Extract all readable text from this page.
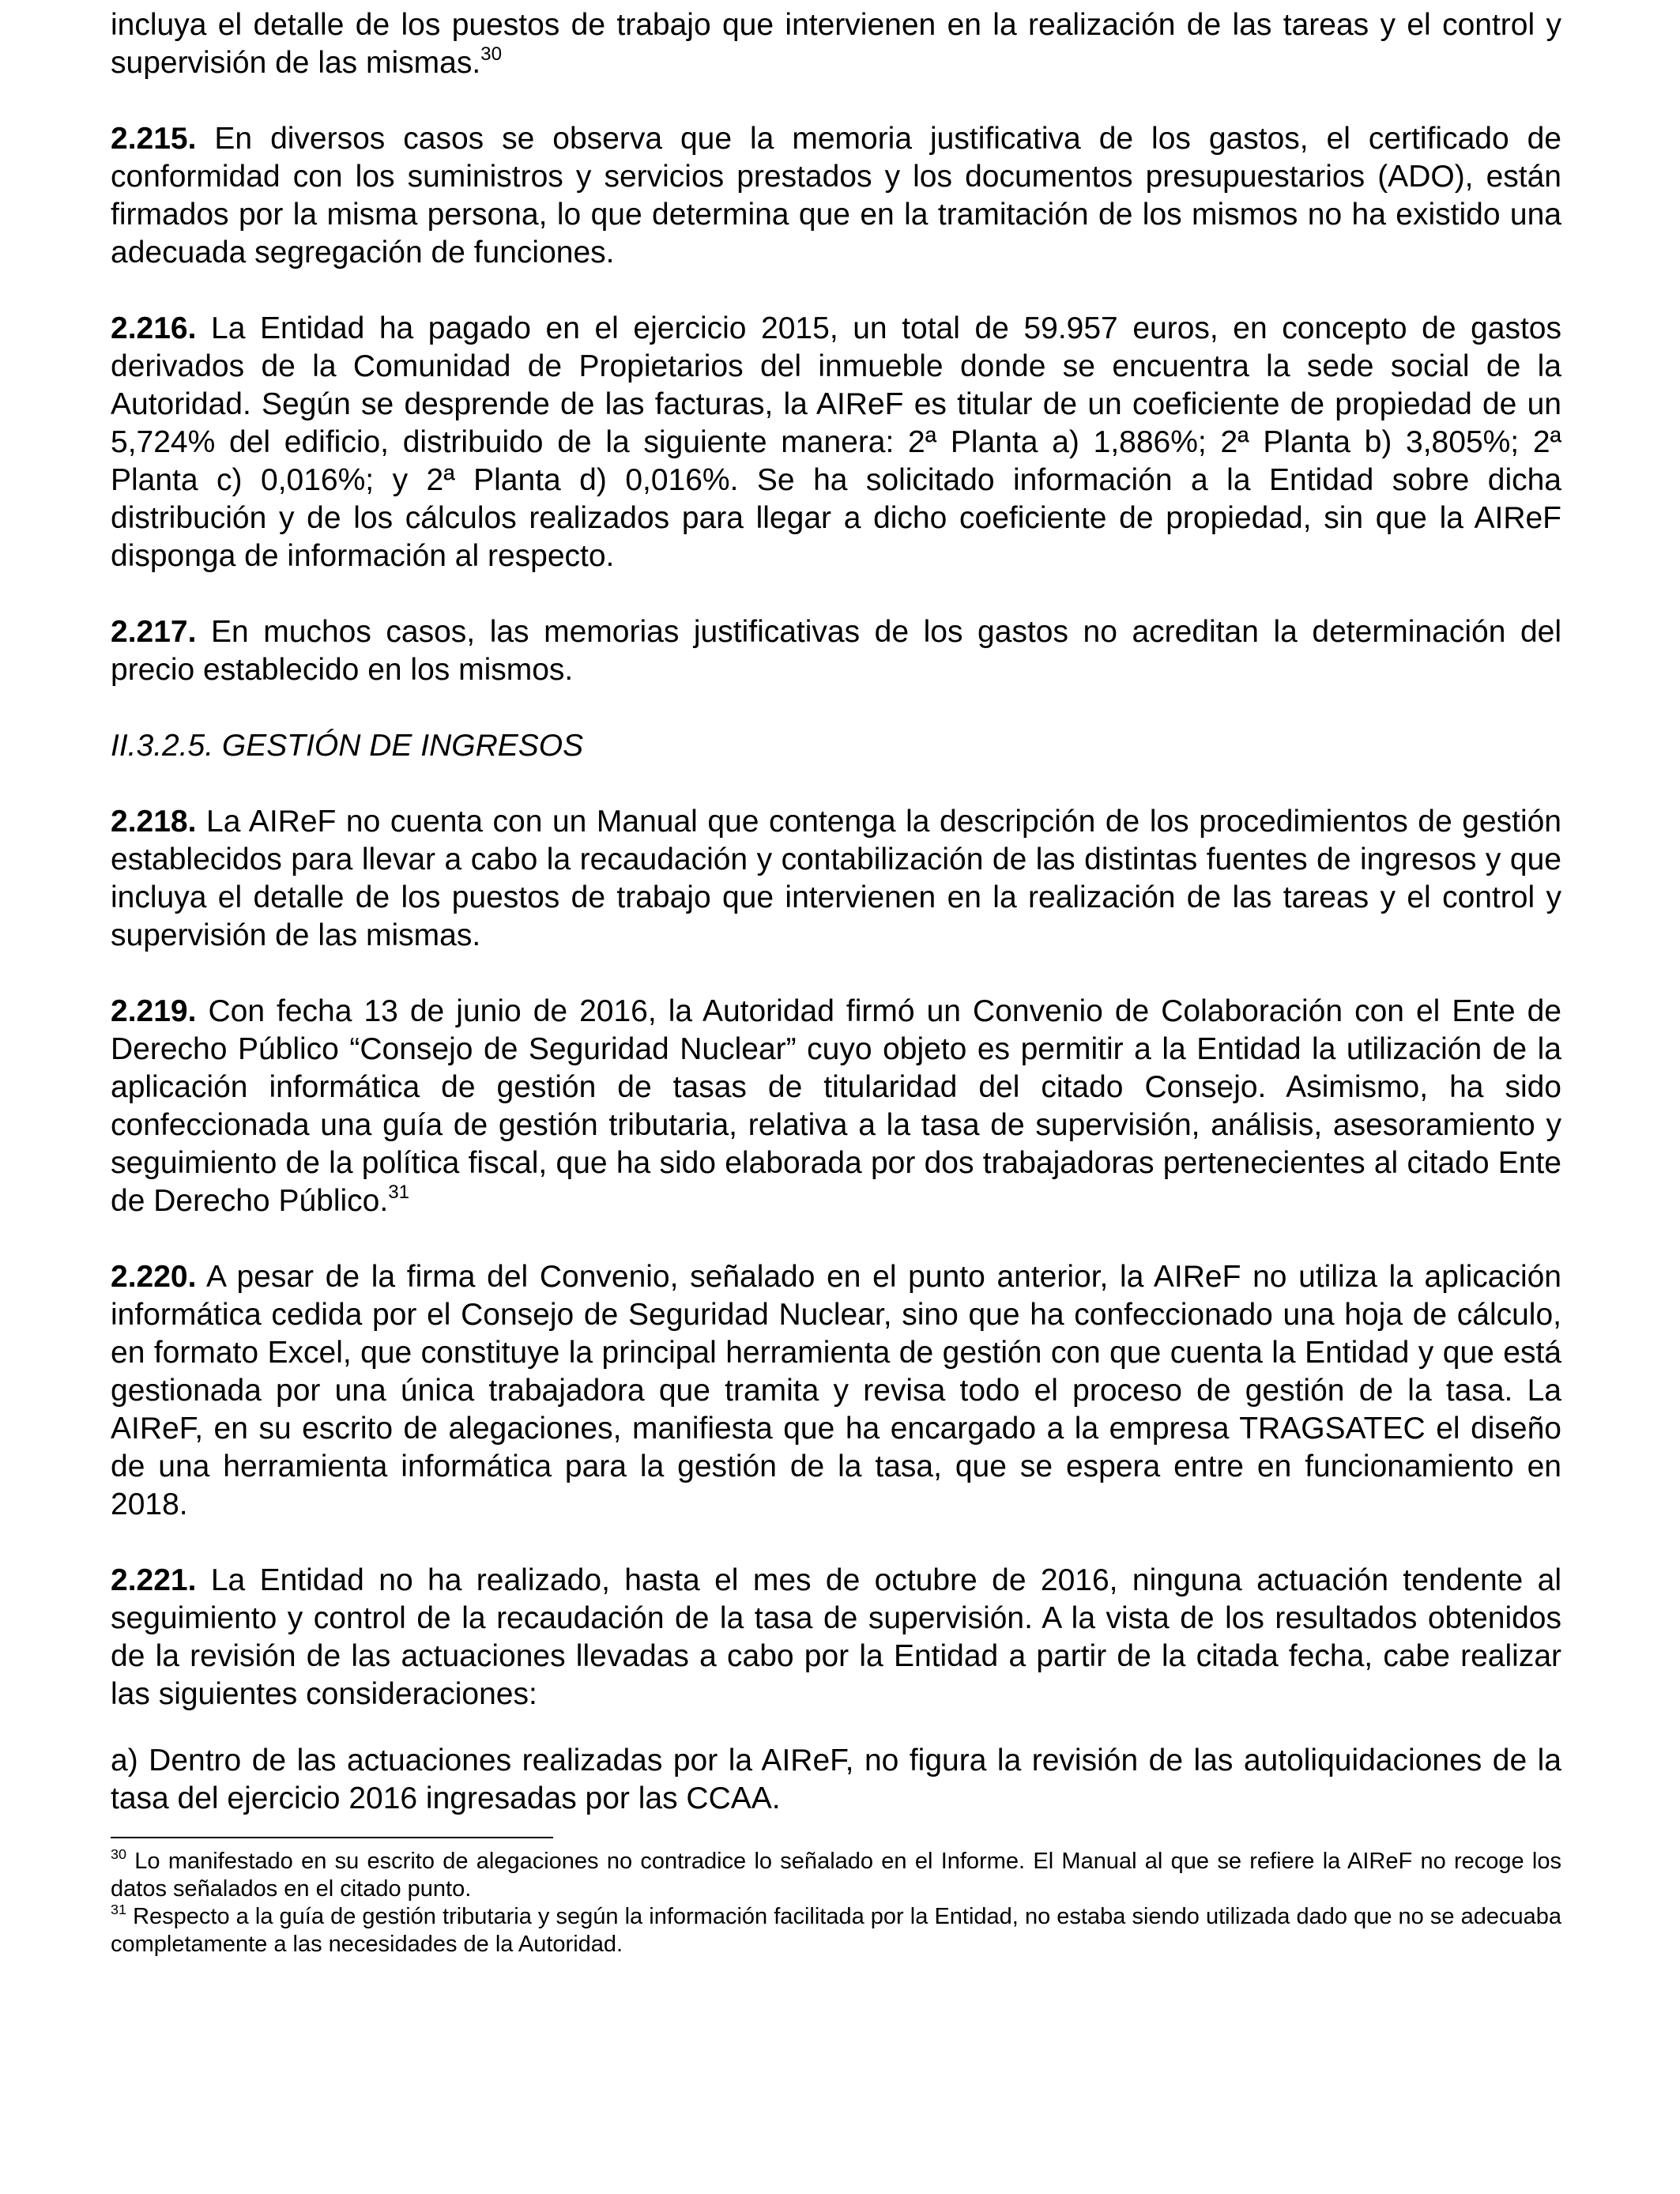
incluya el detalle de los puestos de trabajo que intervienen en la realización de las tareas y el control y supervisión de las mismas.$^{30}$

2.215. En diversos casos se observa que la memoria justificativa de los gastos, el certificado de conformidad con los suministros y servicios prestados y los documentos presupuestarios (ADO), están firmados por la misma persona, lo que determina que en la tramitación de los mismos no ha existido una adecuada segregación de funciones.

2.216. La Entidad ha pagado en el ejercicio 2015, un total de 59.957 euros, en concepto de gastos derivados de la Comunidad de Propietarios del inmueble donde se encuentra la sede social de la Autoridad. Según se desprende de las facturas, la AIReF es titular de un coeficiente de propiedad de un 5,724% del edificio, distribuido de la siguiente manera: 2ª Planta a) 1,886%; 2ª Planta b) 3,805%; 2ª Planta c) 0,016%; y 2ª Planta d) 0,016%. Se ha solicitado información a la Entidad sobre dicha distribución y de los cálculos realizados para llegar a dicho coeficiente de propiedad, sin que la AIReF disponga de información al respecto.

2.217. En muchos casos, las memorias justificativas de los gastos no acreditan la determinación del precio establecido en los mismos.

II.3.2.5. GESTIÓN DE INGRESOS

2.218. La AIReF no cuenta con un Manual que contenga la descripción de los procedimientos de gestión establecidos para llevar a cabo la recaudación y contabilización de las distintas fuentes de ingresos y que incluya el detalle de los puestos de trabajo que intervienen en la realización de las tareas y el control y supervisión de las mismas.

2.219. Con fecha 13 de junio de 2016, la Autoridad firmó un Convenio de Colaboración con el Ente de Derecho Público “Consejo de Seguridad Nuclear” cuyo objeto es permitir a la Entidad la utilización de la aplicación informática de gestión de tasas de titularidad del citado Consejo. Asimismo, ha sido confeccionada una guía de gestión tributaria, relativa a la tasa de supervisión, análisis, asesoramiento y seguimiento de la política fiscal, que ha sido elaborada por dos trabajadoras pertenecientes al citado Ente de Derecho Público.$^{31}$

2.220. A pesar de la firma del Convenio, señalado en el punto anterior, la AIReF no utiliza la aplicación informática cedida por el Consejo de Seguridad Nuclear, sino que ha confeccionado una hoja de cálculo, en formato Excel, que constituye la principal herramienta de gestión con que cuenta la Entidad y que está gestionada por una única trabajadora que tramita y revisa todo el proceso de gestión de la tasa. La AIReF, en su escrito de alegaciones, manifiesta que ha encargado a la empresa TRAGSATEC el diseño de una herramienta informática para la gestión de la tasa, que se espera entre en funcionamiento en 2018.

2.221. La Entidad no ha realizado, hasta el mes de octubre de 2016, ninguna actuación tendente al seguimiento y control de la recaudación de la tasa de supervisión. A la vista de los resultados obtenidos de la revisión de las actuaciones llevadas a cabo por la Entidad a partir de la citada fecha, cabe realizar las siguientes consideraciones:

a) Dentro de las actuaciones realizadas por la AIReF, no figura la revisión de las autoliquidaciones de la tasa del ejercicio 2016 ingresadas por las CCAA.

$^{30}$ Lo manifestado en su escrito de alegaciones no contradice lo señalado en el Informe. El Manual al que se refiere la AIReF no recoge los datos señalados en el citado punto.

$^{31}$ Respecto a la guía de gestión tributaria y según la información facilitada por la Entidad, no estaba siendo utilizada dado que no se adecuaba completamente a las necesidades de la Autoridad.
